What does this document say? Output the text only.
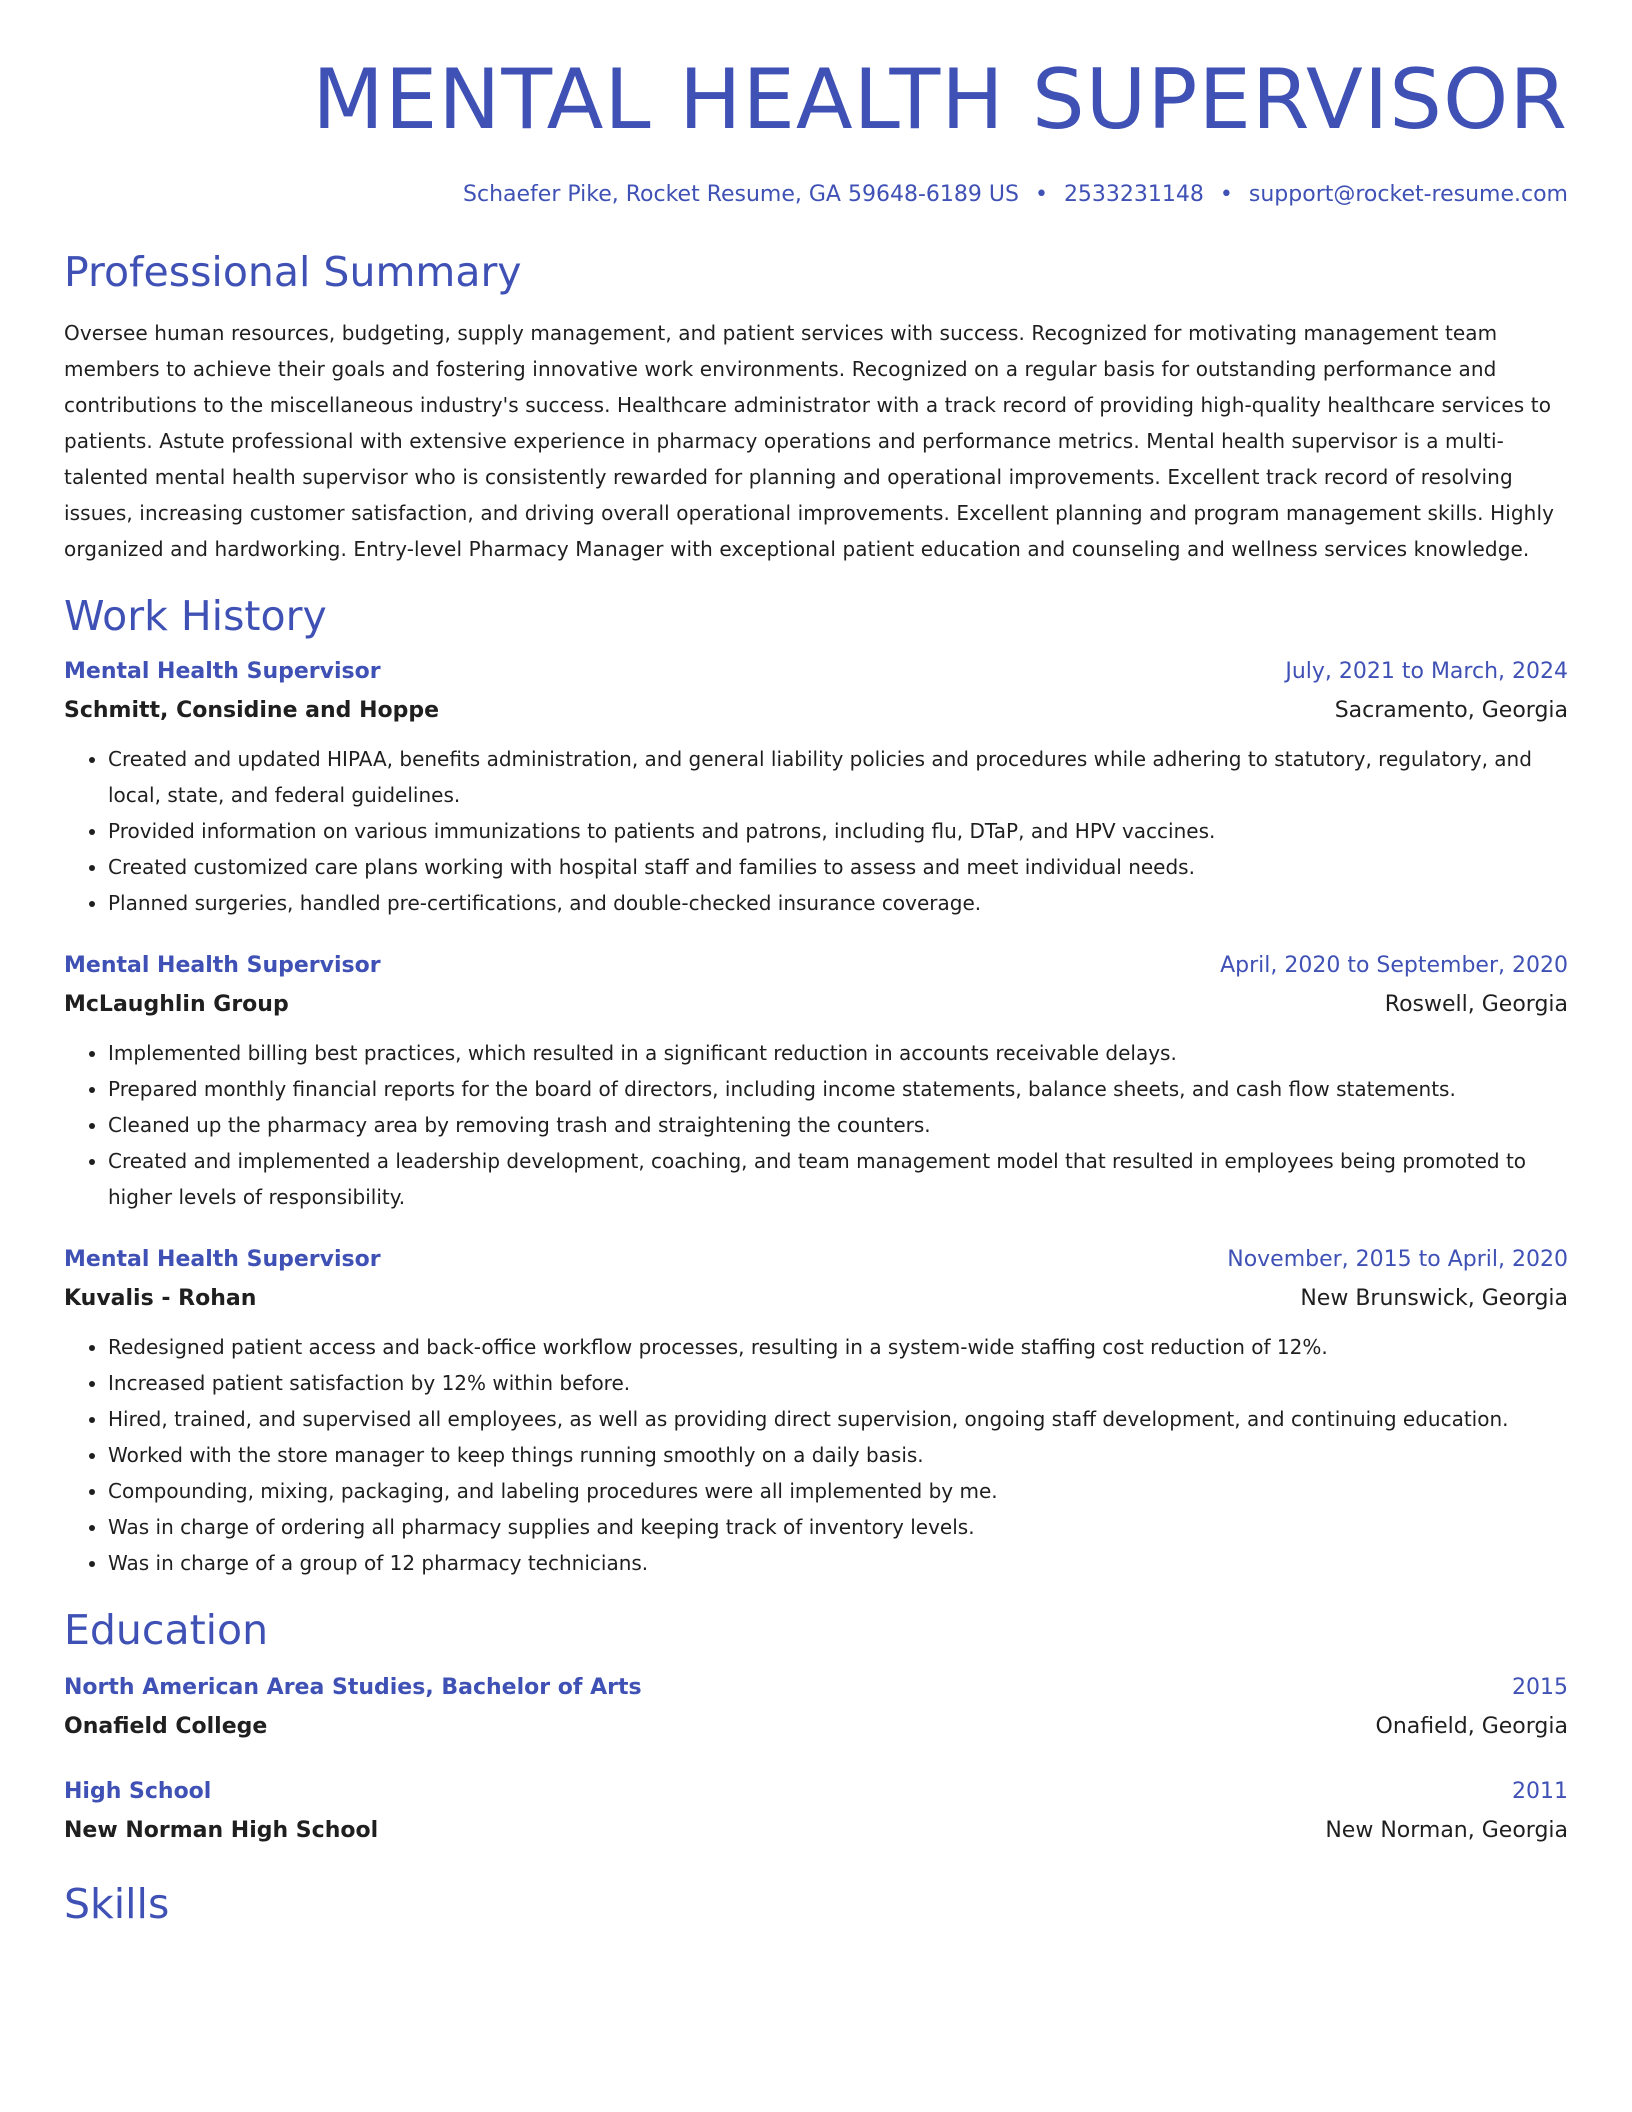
MENTAL HEALTH SUPERVISOR
Schaefer Pike, Rocket Resume, GA 59648-6189 US • 2533231148 • support@rocket-resume.com
Professional Summary

Oversee human resources, budgeting, supply management, and patient services with success. Recognized for motivating management team members to achieve their goals and fostering innovative work environments. Recognized on a regular basis for outstanding performance and contributions to the miscellaneous industry's success. Healthcare administrator with a track record of providing high-quality healthcare services to patients. Astute professional with extensive experience in pharmacy operations and performance metrics. Mental health supervisor is a multi-talented mental health supervisor who is consistently rewarded for planning and operational improvements. Excellent track record of resolving issues, increasing customer satisfaction, and driving overall operational improvements. Excellent planning and program management skills. Highly organized and hardworking. Entry-level Pharmacy Manager with exceptional patient education and counseling and wellness services knowledge.

Work History
Mental Health Supervisor	July, 2021 to March, 2024
Schmitt, Considine and Hoppe	Sacramento, Georgia
• Created and updated HIPAA, benefits administration, and general liability policies and procedures while adhering to statutory, regulatory, and local, state, and federal guidelines.
• Provided information on various immunizations to patients and patrons, including flu, DTaP, and HPV vaccines.
• Created customized care plans working with hospital staff and families to assess and meet individual needs.
• Planned surgeries, handled pre-certifications, and double-checked insurance coverage.
Mental Health Supervisor	April, 2020 to September, 2020
McLaughlin Group	Roswell, Georgia
• Implemented billing best practices, which resulted in a significant reduction in accounts receivable delays.
• Prepared monthly financial reports for the board of directors, including income statements, balance sheets, and cash flow statements.
• Cleaned up the pharmacy area by removing trash and straightening the counters.
• Created and implemented a leadership development, coaching, and team management model that resulted in employees being promoted to higher levels of responsibility.
Mental Health Supervisor	November, 2015 to April, 2020
Kuvalis - Rohan	New Brunswick, Georgia
• Redesigned patient access and back-office workflow processes, resulting in a system-wide staffing cost reduction of 12%.
• Increased patient satisfaction by 12% within before.
• Hired, trained, and supervised all employees, as well as providing direct supervision, ongoing staff development, and continuing education.
• Worked with the store manager to keep things running smoothly on a daily basis.
• Compounding, mixing, packaging, and labeling procedures were all implemented by me.
• Was in charge of ordering all pharmacy supplies and keeping track of inventory levels.
• Was in charge of a group of 12 pharmacy technicians.
Education
North American Area Studies, Bachelor of Arts	2015
Onafield College	Onafield, Georgia
High School	2011
New Norman High School	New Norman, Georgia
Skills
